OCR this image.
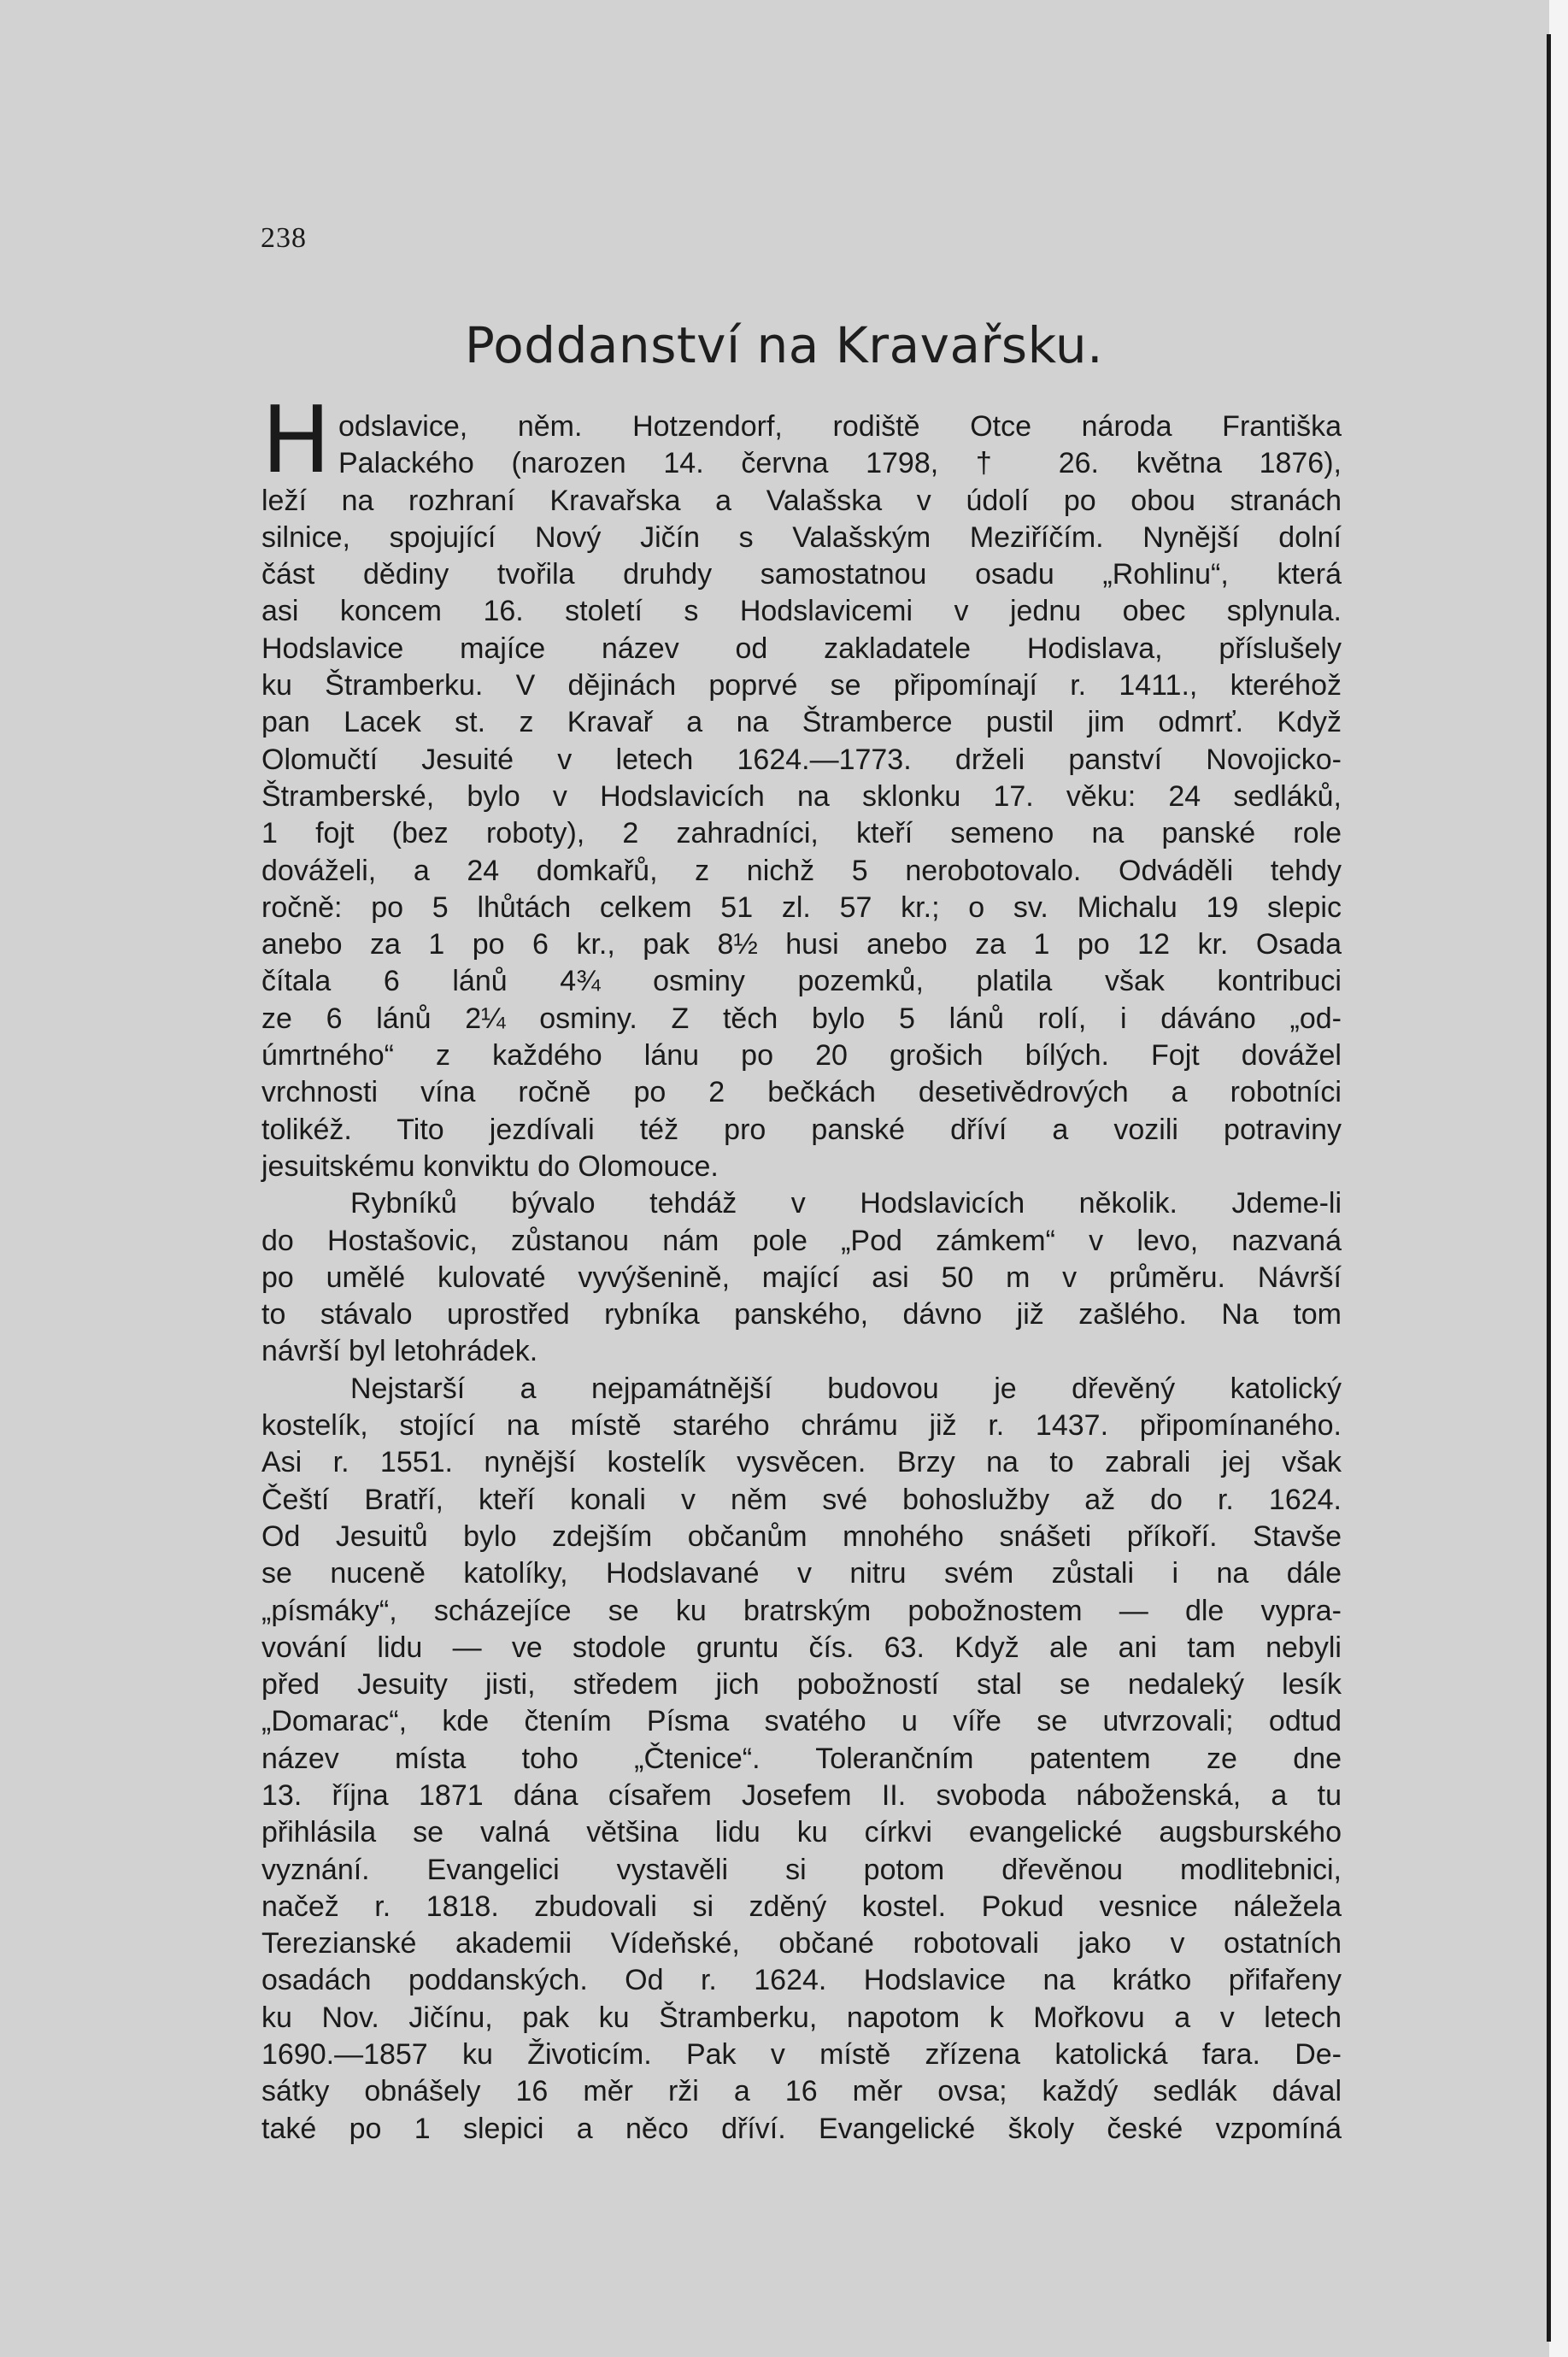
238
Poddanství na Kravařsku.
H odslavice, něm. Hotzendorf, rodiště Otce národa Františka
Palackého (narozen 14. června 1798, † 26. května 1876),
leží na rozhraní Kravařska a Valašska v údolí po obou stranách
silnice, spojující Nový Jičín s Valašským Meziříčím. Nynější dolní
část dědiny tvořila druhdy samostatnou osadu „Rohlinu“, která
asi koncem 16. století s Hodslavicemi v jednu obec splynula.
Hodslavice majíce název od zakladatele Hodislava, příslušely
ku Štramberku. V dějinách poprvé se připomínají r. 1411., kteréhož
pan Lacek st. z Kravař a na Štramberce pustil jim odmrť. Když
Olomučtí Jesuité v letech 1624.—1773. drželi panství Novojicko-
Štramberské, bylo v Hodslavicích na sklonku 17. věku: 24 sedláků,
1 fojt (bez roboty), 2 zahradníci, kteří semeno na panské role
dováželi, a 24 domkařů, z nichž 5 nerobotovalo. Odváděli tehdy
ročně: po 5 lhůtách celkem 51 zl. 57 kr.; o sv. Michalu 19 slepic
anebo za 1 po 6 kr., pak 8½ husi anebo za 1 po 12 kr. Osada
čítala 6 lánů 4¾ osminy pozemků, platila však kontribuci
ze 6 lánů 2¼ osminy. Z těch bylo 5 lánů rolí, i dáváno „od-
úmrtného“ z každého lánu po 20 grošich bílých. Fojt dovážel
vrchnosti vína ročně po 2 bečkách desetivědrových a robotníci
tolikéž. Tito jezdívali též pro panské dříví a vozili potraviny
jesuitskému konviktu do Olomouce.
Rybníků bývalo tehdáž v Hodslavicích několik. Jdeme-li
do Hostašovic, zůstanou nám pole „Pod zámkem“ v levo, nazvaná
po umělé kulovaté vyvýšenině, mající asi 50 m v průměru. Návrší
to stávalo uprostřed rybníka panského, dávno již zašlého. Na tom
návrší byl letohrádek.
Nejstarší a nejpamátnější budovou je dřevěný katolický
kostelík, stojící na místě starého chrámu již r. 1437. připomínaného.
Asi r. 1551. nynější kostelík vysvěcen. Brzy na to zabrali jej však
Čeští Bratří, kteří konali v něm své bohoslužby až do r. 1624.
Od Jesuitů bylo zdejším občanům mnohého snášeti příkoří. Stavše
se nuceně katolíky, Hodslavané v nitru svém zůstali i na dále
„písmáky“, scházejíce se ku bratrským pobožnostem — dle vypra-
vování lidu — ve stodole gruntu čís. 63. Když ale ani tam nebyli
před Jesuity jisti, středem jich pobožností stal se nedaleký lesík
„Domarac“, kde čtením Písma svatého u víře se utvrzovali; odtud
název místa toho „Čtenice“. Tolerančním patentem ze dne
13. října 1871 dána císařem Josefem II. svoboda náboženská, a tu
přihlásila se valná většina lidu ku církvi evangelické augsburského
vyznání. Evangelici vystavěli si potom dřevěnou modlitebnici,
načež r. 1818. zbudovali si zděný kostel. Pokud vesnice náležela
Terezianské akademii Vídeňské, občané robotovali jako v ostatních
osadách poddanských. Od r. 1624. Hodslavice na krátko přifařeny
ku Nov. Jičínu, pak ku Štramberku, napotom k Mořkovu a v letech
1690.—1857 ku Životicím. Pak v místě zřízena katolická fara. De-
sátky obnášely 16 měr rži a 16 měr ovsa; každý sedlák dával
také po 1 slepici a něco dříví. Evangelické školy české vzpomíná
